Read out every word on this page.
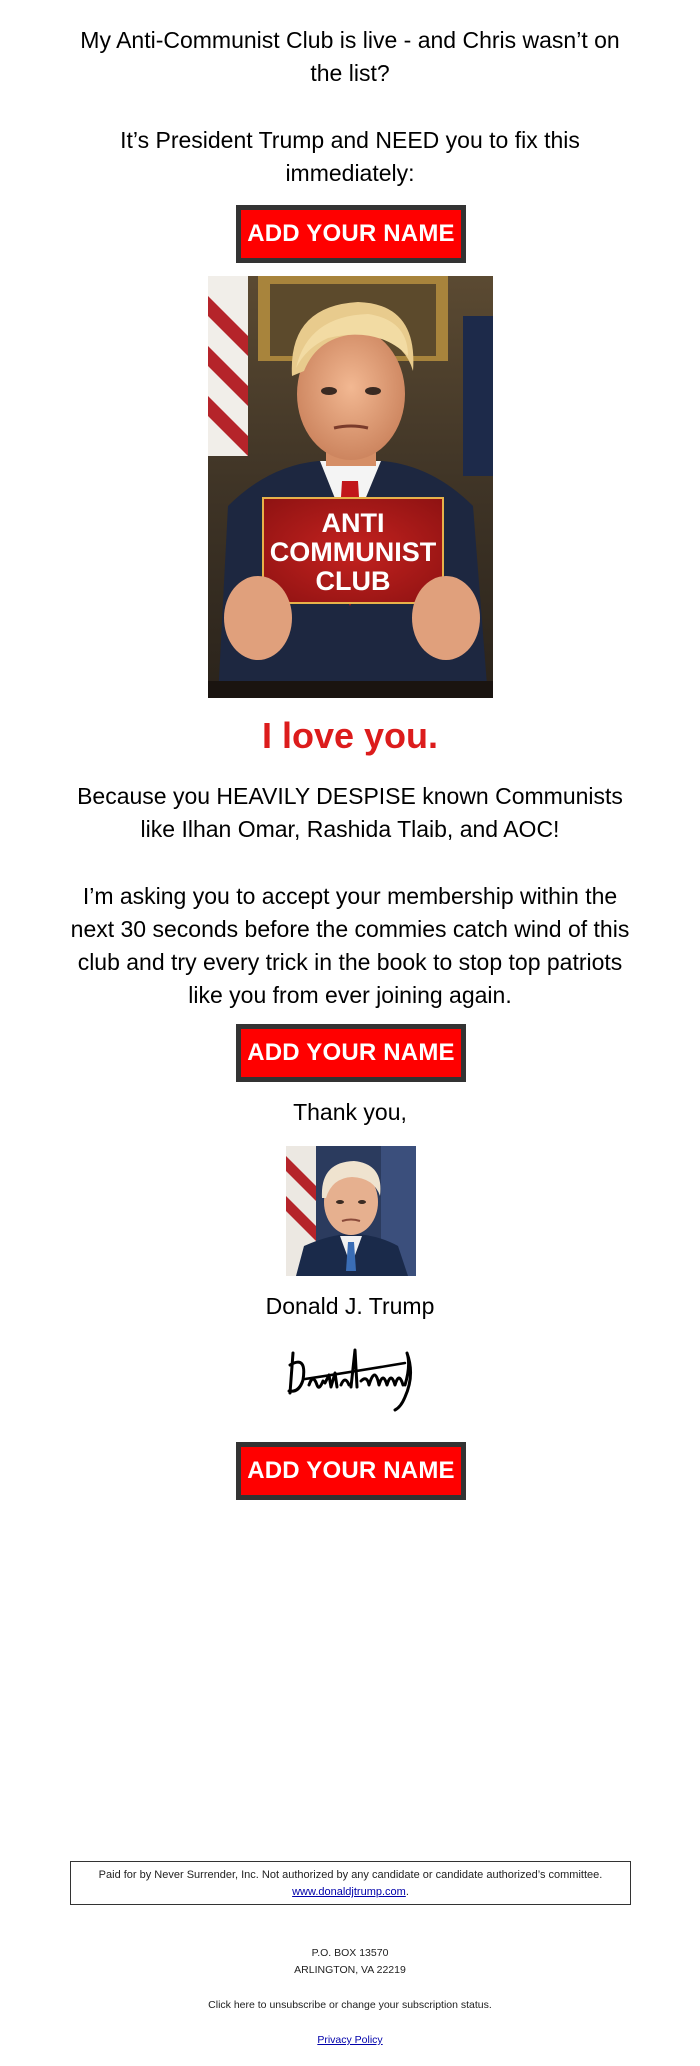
My Anti-Communist Club is live - and Chris wasn’t on the list?

It’s President Trump and NEED you to fix this immediately:

ADD YOUR NAME
ANTI
COMMUNIST
CLUB
I love you.

Because you HEAVILY DESPISE known Communists like Ilhan Omar, Rashida Tlaib, and AOC!

I’m asking you to accept your membership within the next 30 seconds before the commies catch wind of this club and try every trick in the book to stop top patriots like you from ever joining again.

ADD YOUR NAME

Thank you,

Donald J. Trump
ADD YOUR NAME
Paid for by Never Surrender, Inc. Not authorized by any candidate or candidate authorized’s committee.
www.donaldjtrump.com.
P.O. BOX 13570
ARLINGTON, VA 22219
Click here to unsubscribe or change your subscription status.
Privacy Policy
